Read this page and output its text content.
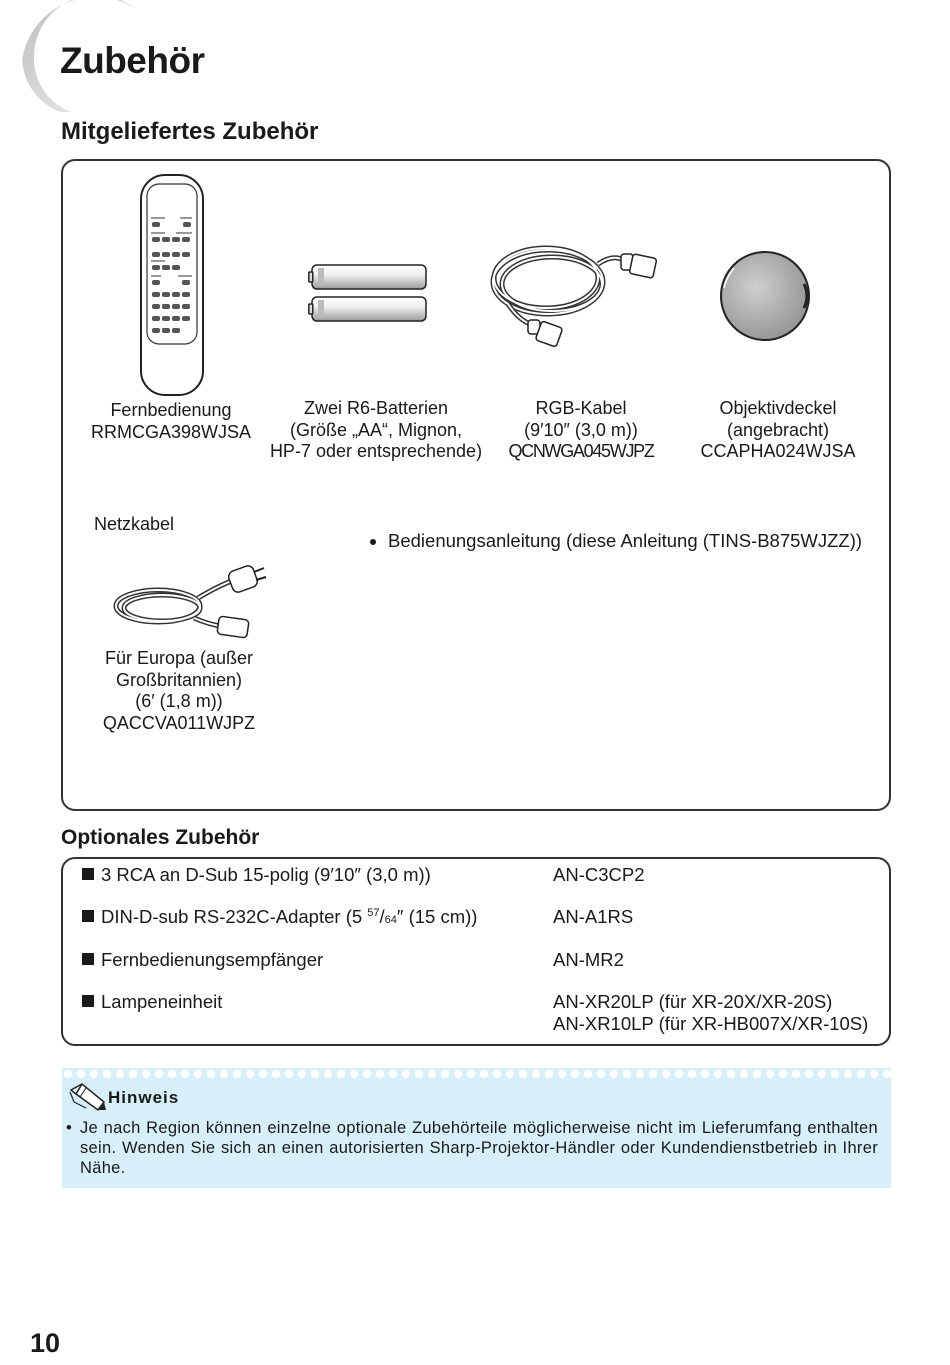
Zubehör
Mitgeliefertes Zubehör
Fernbedienung
RRMCGA398WJSA
Zwei R6-Batterien
(Größe „AA“, Mignon,
HP-7 oder entsprechende)
RGB-Kabel
(9′10″ (3,0 m))
QCNWGA045WJPZ
Objektivdeckel
(angebracht)
CCAPHA024WJSA
Netzkabel
Für Europa (außer
Großbritannien)
(6′ (1,8 m))
QACCVA011WJPZ
Bedienungsanleitung (diese Anleitung (TINS-B875WJZZ))
Optionales Zubehör
3 RCA an D-Sub 15-polig (9′10″ (3,0 m))	AN-C3CP2
DIN-D-sub RS-232C-Adapter (5 $^{57}$/64″ (15 cm))	AN-A1RS
Fernbedienungsempfänger	AN-MR2
Lampeneinheit	AN-XR20LP (für XR-20X/XR-20S)
AN-XR10LP (für XR-HB007X/XR-10S)
Hinweis
• Je nach Region können einzelne optionale Zubehörteile möglicherweise nicht im Lieferumfang enthalten sein. Wenden Sie sich an einen autorisierten Sharp-Projektor-Händler oder Kundendienstbetrieb in Ihrer Nähe.
10
